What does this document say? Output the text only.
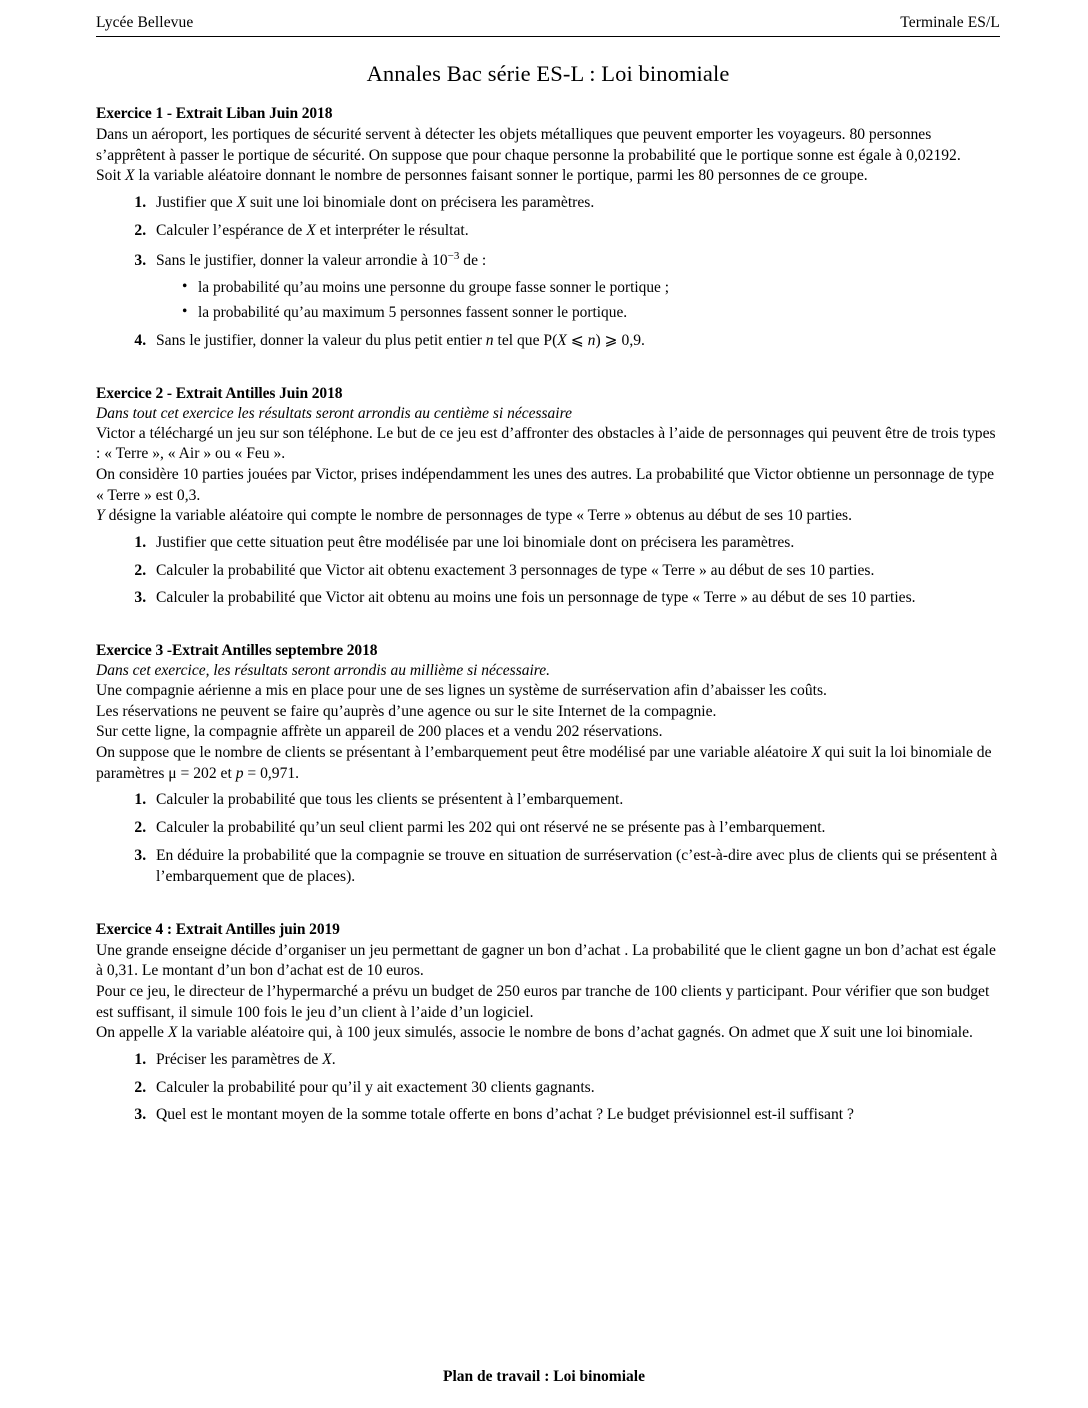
Lycée Bellevue	Terminale ES/L
Annales Bac série ES-L : Loi binomiale
Exercice 1 - Extrait Liban Juin 2018

Dans un aéroport, les portiques de sécurité servent à détecter les objets métalliques que peuvent emporter les voyageurs. 80 personnes s’apprêtent à passer le portique de sécurité. On suppose que pour chaque personne la probabilité que le portique sonne est égale à 0,02192.

Soit X la variable aléatoire donnant le nombre de personnes faisant sonner le portique, parmi les 80 personnes de ce groupe.

1. Justifier que X suit une loi binomiale dont on précisera les paramètres.
2. Calculer l’espérance de X et interpréter le résultat.
3. Sans le justifier, donner la valeur arrondie à $10^{-3}$ de :
• la probabilité qu’au moins une personne du groupe fasse sonner le portique ;
• la probabilité qu’au maximum 5 personnes fassent sonner le portique.
4. Sans le justifier, donner la valeur du plus petit entier n tel que P(X ⩽ n) ⩾ 0,9.
Exercice 2 - Extrait Antilles Juin 2018
Dans tout cet exercice les résultats seront arrondis au centième si nécessaire

Victor a téléchargé un jeu sur son téléphone. Le but de ce jeu est d’affronter des obstacles à l’aide de personnages qui peuvent être de trois types : « Terre », « Air » ou « Feu ».

On considère 10 parties jouées par Victor, prises indépendamment les unes des autres. La probabilité que Victor obtienne un personnage de type « Terre » est 0,3.

Y désigne la variable aléatoire qui compte le nombre de personnages de type « Terre » obtenus au début de ses 10 parties.

1. Justifier que cette situation peut être modélisée par une loi binomiale dont on précisera les paramètres.
2. Calculer la probabilité que Victor ait obtenu exactement 3 personnages de type « Terre » au début de ses 10 parties.
3. Calculer la probabilité que Victor ait obtenu au moins une fois un personnage de type « Terre » au début de ses 10 parties.
Exercice 3 -Extrait Antilles septembre 2018
Dans cet exercice, les résultats seront arrondis au millième si nécessaire.

Une compagnie aérienne a mis en place pour une de ses lignes un système de surréservation afin d’abaisser les coûts.

Les réservations ne peuvent se faire qu’auprès d’une agence ou sur le site Internet de la compagnie.

Sur cette ligne, la compagnie affrète un appareil de 200 places et a vendu 202 réservations.

On suppose que le nombre de clients se présentant à l’embarquement peut être modélisé par une variable aléatoire X qui suit la loi binomiale de paramètres μ = 202 et p = 0,971.

1. Calculer la probabilité que tous les clients se présentent à l’embarquement.
2. Calculer la probabilité qu’un seul client parmi les 202 qui ont réservé ne se présente pas à l’embarquement.
3. En déduire la probabilité que la compagnie se trouve en situation de surréservation (c’est-à-dire avec plus de clients qui se présentent à l’embarquement que de places).
Exercice 4 : Extrait Antilles juin 2019

Une grande enseigne décide d’organiser un jeu permettant de gagner un bon d’achat . La probabilité que le client gagne un bon d’achat est égale à 0,31. Le montant d’un bon d’achat est de 10 euros.

Pour ce jeu, le directeur de l’hypermarché a prévu un budget de 250 euros par tranche de 100 clients y participant. Pour vérifier que son budget est suffisant, il simule 100 fois le jeu d’un client à l’aide d’un logiciel.

On appelle X la variable aléatoire qui, à 100 jeux simulés, associe le nombre de bons d’achat gagnés. On admet que X suit une loi binomiale.

1. Préciser les paramètres de X.
2. Calculer la probabilité pour qu’il y ait exactement 30 clients gagnants.
3. Quel est le montant moyen de la somme totale offerte en bons d’achat ? Le budget prévisionnel est-il suffisant ?
Plan de travail : Loi binomiale
